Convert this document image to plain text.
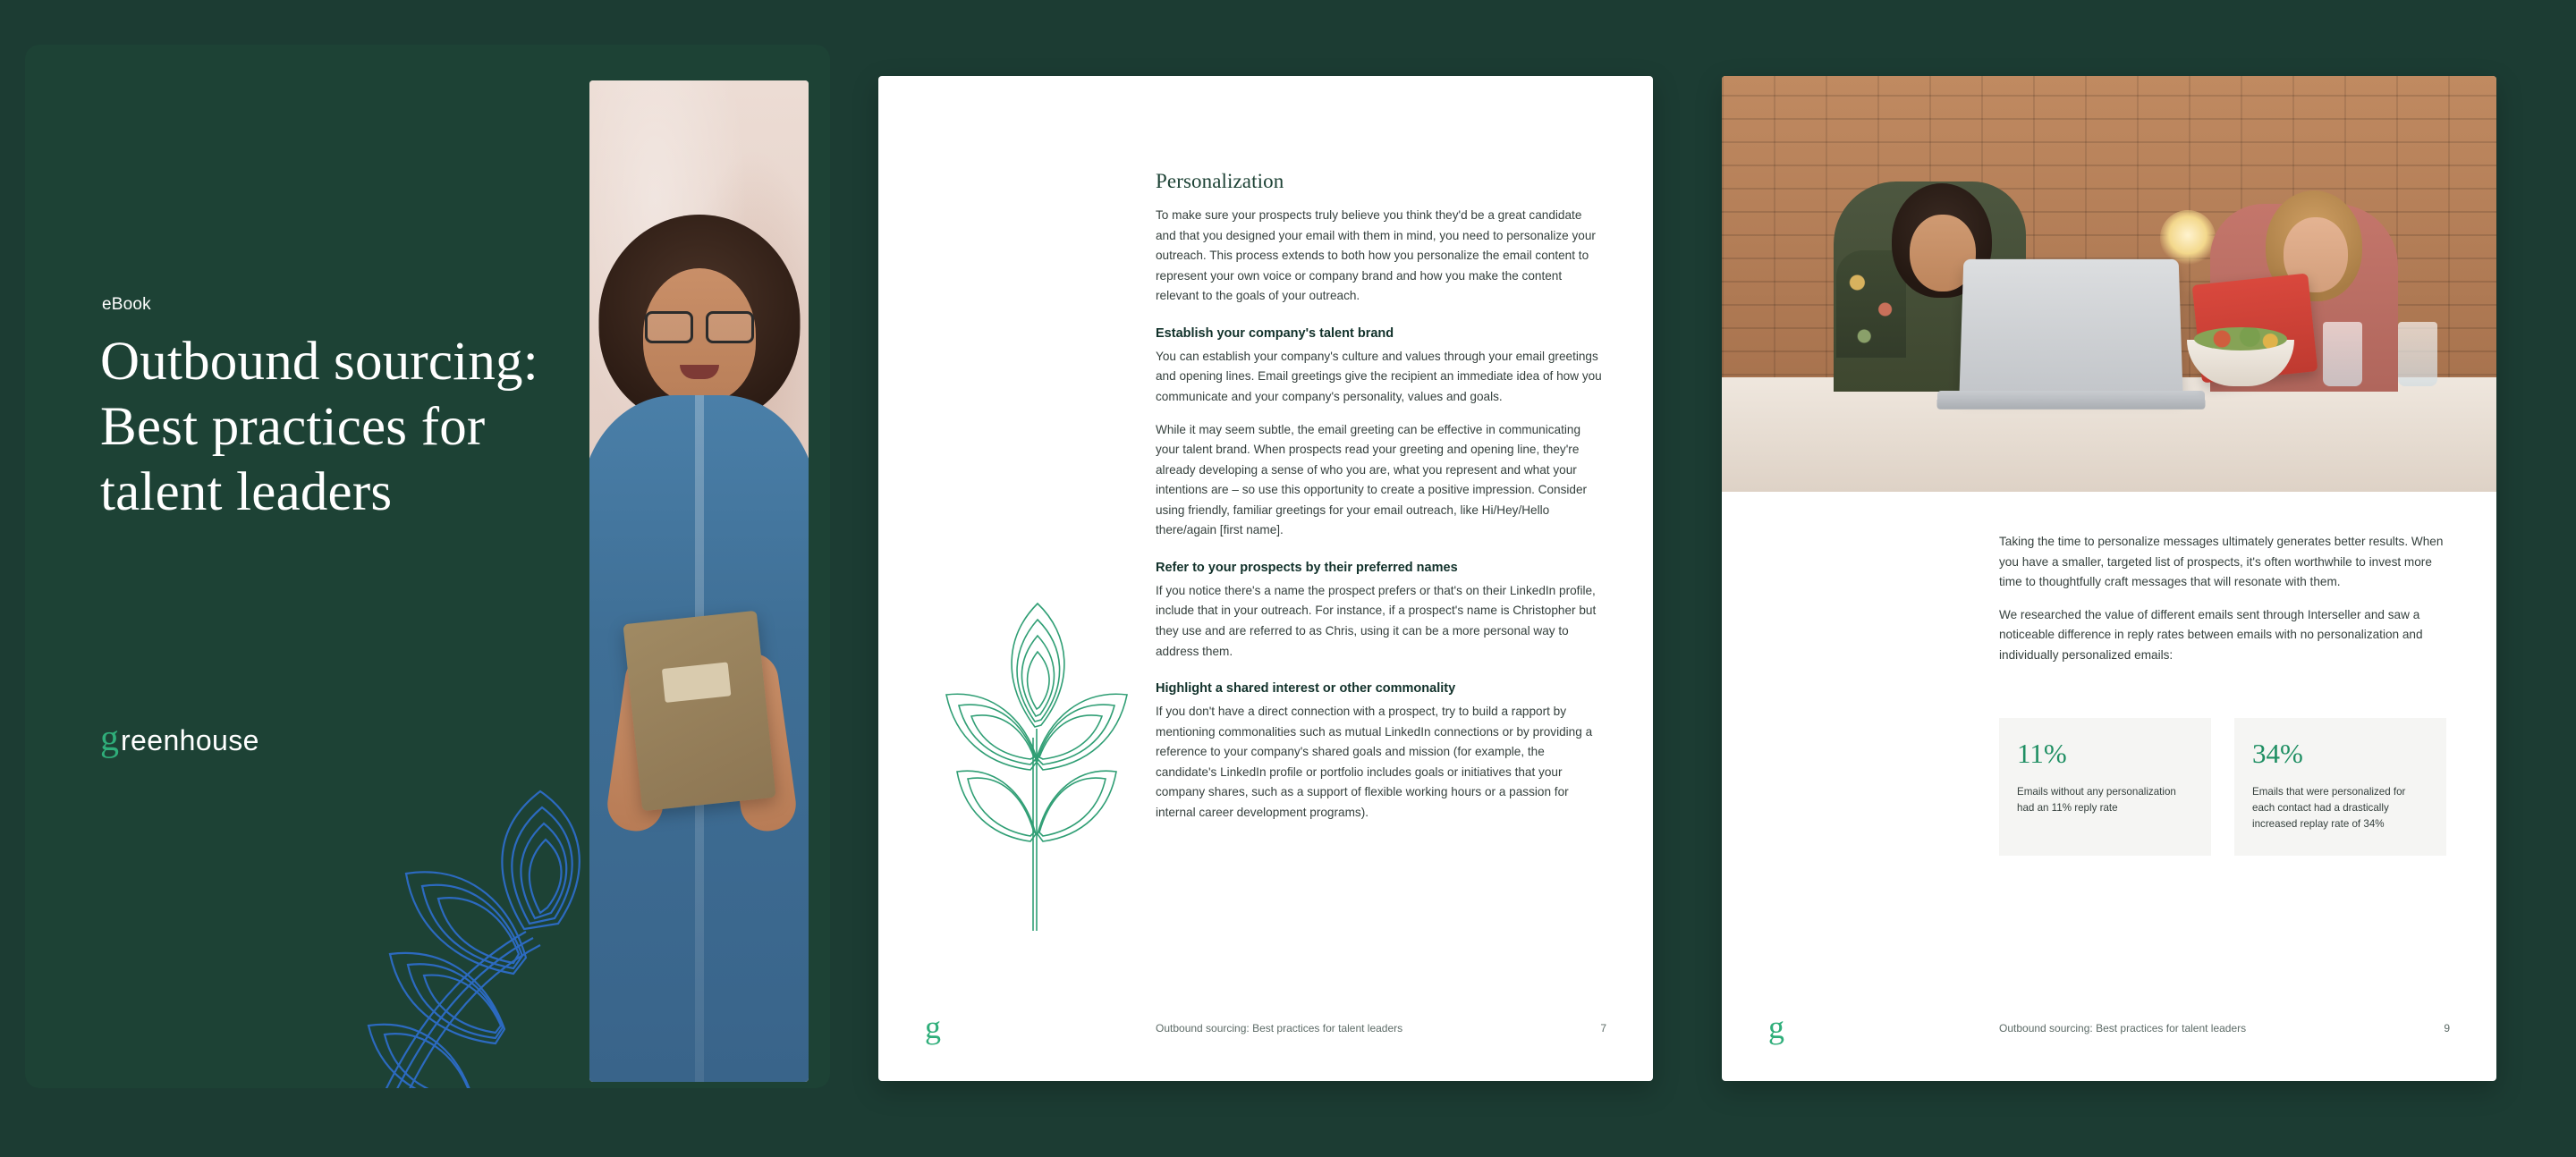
eBook
Outbound sourcing: Best practices for talent leaders
g reenhouse
Personalization

To make sure your prospects truly believe you think they'd be a great candidate and that you designed your email with them in mind, you need to personalize your outreach. This process extends to both how you personalize the email content to represent your own voice or company brand and how you make the content relevant to the goals of your outreach.

Establish your company's talent brand

You can establish your company's culture and values through your email greetings and opening lines. Email greetings give the recipient an immediate idea of how you communicate and your company's personality, values and goals.

While it may seem subtle, the email greeting can be effective in communicating your talent brand. When prospects read your greeting and opening line, they're already developing a sense of who you are, what you represent and what your intentions are – so use this opportunity to create a positive impression. Consider using friendly, familiar greetings for your email outreach, like Hi/Hey/Hello there/again [first name].

Refer to your prospects by their preferred names

If you notice there's a name the prospect prefers or that's on their LinkedIn profile, include that in your outreach. For instance, if a prospect's name is Christopher but they use and are referred to as Chris, using it can be a more personal way to address them.

Highlight a shared interest or other commonality

If you don't have a direct connection with a prospect, try to build a rapport by mentioning commonalities such as mutual LinkedIn connections or by providing a reference to your company's shared goals and mission (for example, the candidate's LinkedIn profile or portfolio includes goals or initiatives that your company shares, such as a support of flexible working hours or a passion for internal career development programs).

g	Outbound sourcing: Best practices for talent leaders	7

Taking the time to personalize messages ultimately generates better results. When you have a smaller, targeted list of prospects, it's often worthwhile to invest more time to thoughtfully craft messages that will resonate with them.

We researched the value of different emails sent through Interseller and saw a noticeable difference in reply rates between emails with no personalization and individually personalized emails:

11%
Emails without any personalization had an 11% reply rate
34%
Emails that were personalized for each contact had a drastically increased replay rate of 34%
g	Outbound sourcing: Best practices for talent leaders	9
